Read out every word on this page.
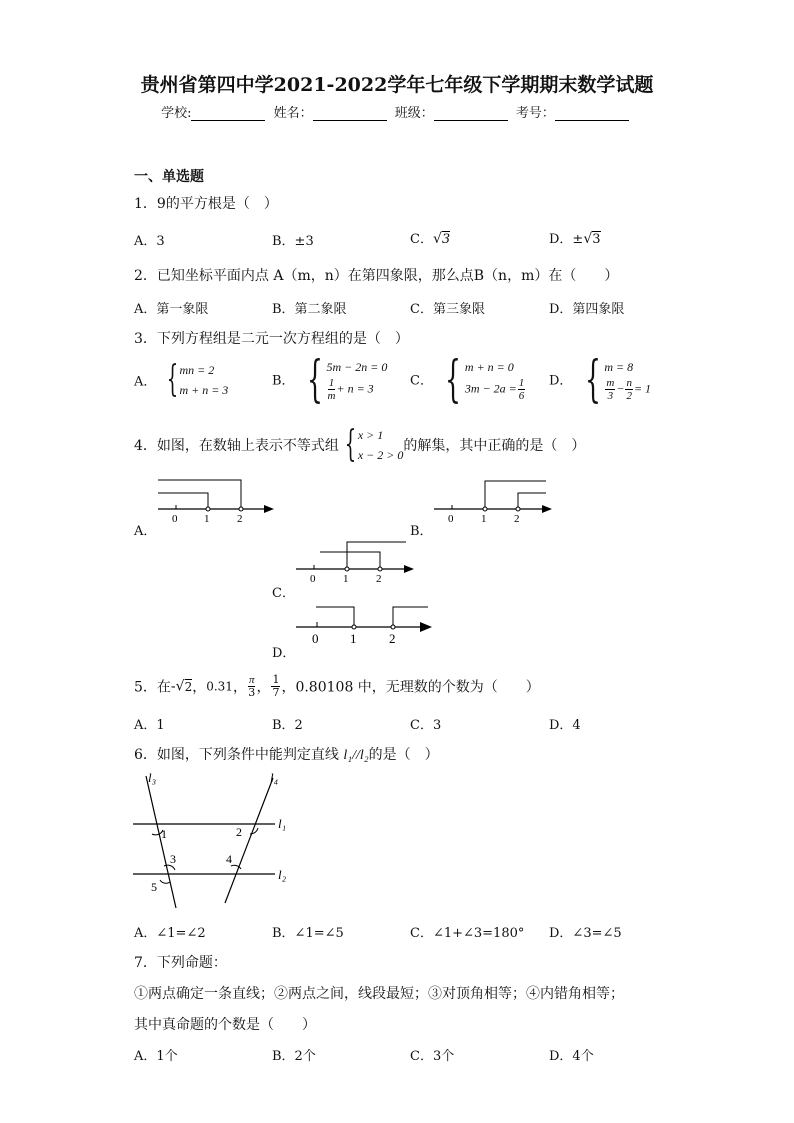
贵州省第四中学2021-2022学年七年级下学期期末数学试题
学校:	姓名：	班级：	考号：
一、单选题
1．9的平方根是（　）
A．3	B．±3	C．√3	D．±√3
2．已知坐标平面内点 A（m，n）在第四象限，那么点B（n，m）在（　　）
A．第一象限	B．第二象限	C．第三象限	D．第四象限
3．下列方程组是二元一次方程组的是（　）
A． { mn = 2
m + n = 3
B． { 5m − 2n = 0
$\frac{1}{m} + n = 3$	C． { m + n = 0
$3m - 2a = \frac{1}{6}$ D． { m = 8
$\frac{m}{3} - \frac{n}{2} = 1$
4．如图，在数轴上表示不等式组 { x > 1
x − 2 > 0
的解集，其中正确的是（　）
0 1	2
A．
0	1	2
B．
0	1	2
C．
0 1	2
D．
5．在-√2，0.31， $\frac{\pi}{3}$ ， $\frac{1}{7}$ ，0.80108 中，无理数的个数为（　　）
A．1	B．2	C．3	D．4
6．如图，下列条件中能判定直线 l₁//l₂的是（　）
l₃	l₄
l₁
l₂
1	2
3	4
5
A．∠1=∠2	B．∠1=∠5	C．∠1+∠3=180° D．∠3=∠5
7．下列命题：
①两点确定一条直线；②两点之间，线段最短；③对顶角相等；④内错角相等；
其中真命题的个数是（　　）
A．1个	B．2个	C．3个	D．4个
